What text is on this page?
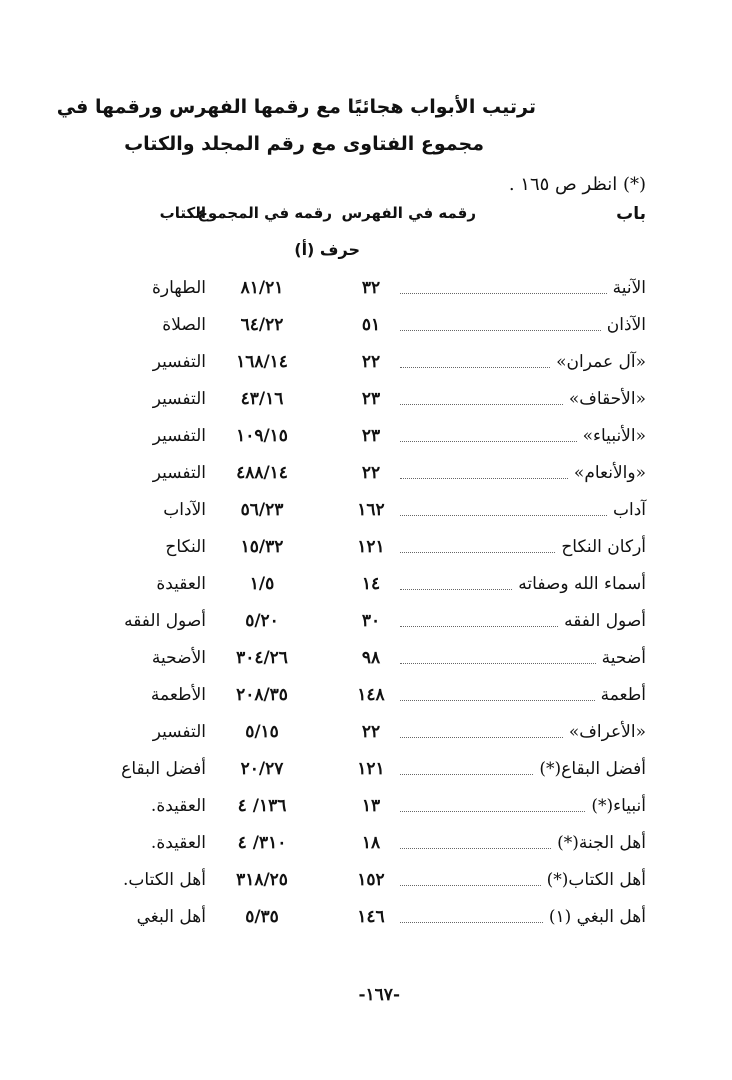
ترتيب الأبواب هجائيًا مع رقمها الفهرس ورقمها في
مجموع الفتاوى مع رقم المجلد والكتاب
(*) انظر ص ١٦٥ .
باب
رقمه في الفهرس
رقمه في المجموع
الكتاب
حرف (أ)
الآنية
٣٢
٨١/٢١
الطهارة
الآذان
٥١
٦٤/٢٢
الصلاة
«آل عمران»
٢٢
١٦٨/١٤
التفسير
«الأحقاف»
٢٣
٤٣/١٦
التفسير
«الأنبياء»
٢٣
١٠٩/١٥
التفسير
«والأنعام»
٢٢
٤٨٨/١٤
التفسير
آداب
١٦٢
٥٦/٢٣
الآداب
أركان النكاح
١٢١
١٥/٣٢
النكاح
أسماء الله وصفاته
١٤
١/٥
العقيدة
أصول الفقه
٣٠
٥/٢٠
أصول الفقه
أضحية
٩٨
٣٠٤/٢٦
الأضحية
أطعمة
١٤٨
٢٠٨/٣٥
الأطعمة
«الأعراف»
٢٢
٥/١٥
التفسير
أفضل البقاع(*)
١٢١
٢٠/٢٧
أفضل البقاع
أنبياء(*)
١٣
١٣٦/ ٤
العقيدة.
أهل الجنة(*)
١٨
٣١٠/ ٤
العقيدة.
أهل الكتاب(*)
١٥٢
٣١٨/٢٥
أهل الكتاب.
أهل البغي (١)
١٤٦
٥/٣٥
أهل البغي
-١٦٧-
